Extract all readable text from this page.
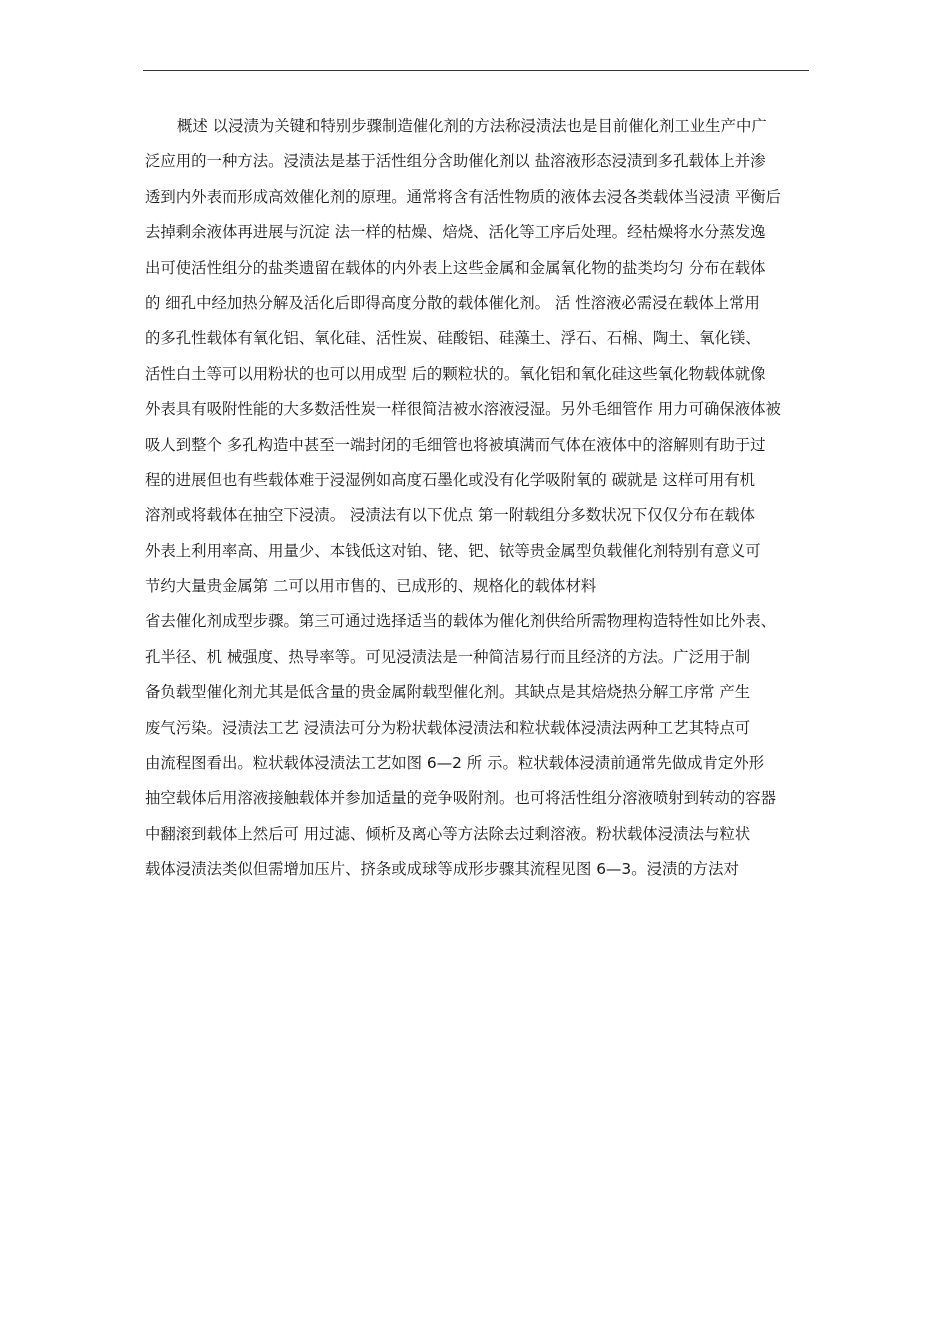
概述 以浸渍为关键和特别步骤制造催化剂的方法称浸渍法也是目前催化剂工业生产中广
泛应用的一种方法。浸渍法是基于活性组分含助催化剂以 盐溶液形态浸渍到多孔载体上并渗
透到内外表而形成高效催化剂的原理。通常将含有活性物质的液体去浸各类载体当浸渍 平衡后
去掉剩余液体再进展与沉淀 法一样的枯燥、焙烧、活化等工序后处理。经枯燥将水分蒸发逸
出可使活性组分的盐类遗留在载体的内外表上这些金属和金属氧化物的盐类均匀 分布在载体
的 细孔中经加热分解及活化后即得高度分散的载体催化剂。 活 性溶液必需浸在载体上常用
的多孔性载体有氧化铝、氧化硅、活性炭、硅酸铝、硅藻土、浮石、石棉、陶土、氧化镁、
活性白土等可以用粉状的也可以用成型 后的颗粒状的。氧化铝和氧化硅这些氧化物载体就像
外表具有吸附性能的大多数活性炭一样很简洁被水溶液浸湿。另外毛细管作 用力可确保液体被
吸人到整个 多孔构造中甚至一端封闭的毛细管也将被填满而气体在液体中的溶解则有助于过
程的进展但也有些载体难于浸湿例如高度石墨化或没有化学吸附氧的 碳就是 这样可用有机
溶剂或将载体在抽空下浸渍。 浸渍法有以下优点 第一附载组分多数状况下仅仅分布在载体
外表上利用率高、用量少、本钱低这对铂、铑、钯、铱等贵金属型负载催化剂特别有意义可
节约大量贵金属第 二可以用市售的、已成形的、规格化的载体材料
省去催化剂成型步骤。第三可通过选择适当的载体为催化剂供给所需物理构造特性如比外表、
孔半径、机 械强度、热导率等。可见浸渍法是一种简洁易行而且经济的方法。广泛用于制
备负载型催化剂尤其是低含量的贵金属附载型催化剂。其缺点是其焙烧热分解工序常 产生
废气污染。浸渍法工艺 浸渍法可分为粉状载体浸渍法和粒状载体浸渍法两种工艺其特点可
由流程图看出。粒状载体浸渍法工艺如图 6—2 所 示。粒状载体浸渍前通常先做成肯定外形
抽空载体后用溶液接触载体并参加适量的竞争吸附剂。也可将活性组分溶液喷射到转动的容器
中翻滚到载体上然后可 用过滤、倾析及离心等方法除去过剩溶液。粉状载体浸渍法与粒状
载体浸渍法类似但需增加压片、挤条或成球等成形步骤其流程见图 6—3。浸渍的方法对
